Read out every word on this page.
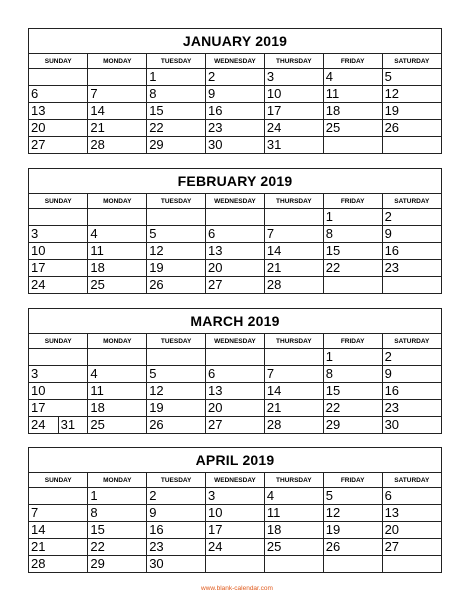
JANUARY 2019
SUNDAY	MONDAY	TUESDAY	WEDNESDAY	THURSDAY	FRIDAY	SATURDAY
		1	2	3	4	5
6	7	8	9	10	11	12
13	14	15	16	17	18	19
20	21	22	23	24	25	26
27	28	29	30	31		
FEBRUARY 2019
SUNDAY	MONDAY	TUESDAY	WEDNESDAY	THURSDAY	FRIDAY	SATURDAY
					1	2
3	4	5	6	7	8	9
10	11	12	13	14	15	16
17	18	19	20	21	22	23
24	25	26	27	28		
MARCH 2019
SUNDAY	MONDAY	TUESDAY	WEDNESDAY	THURSDAY	FRIDAY	SATURDAY
					1	2
3	4	5	6	7	8	9
10	11	12	13	14	15	16
17	18	19	20	21	22	23

24 31	25	26	27	28	29	30
APRIL 2019
SUNDAY	MONDAY	TUESDAY	WEDNESDAY	THURSDAY	FRIDAY	SATURDAY
	1	2	3	4	5	6
7	8	9	10	11	12	13
14	15	16	17	18	19	20
21	22	23	24	25	26	27
28	29	30				
www.blank-calendar.com
